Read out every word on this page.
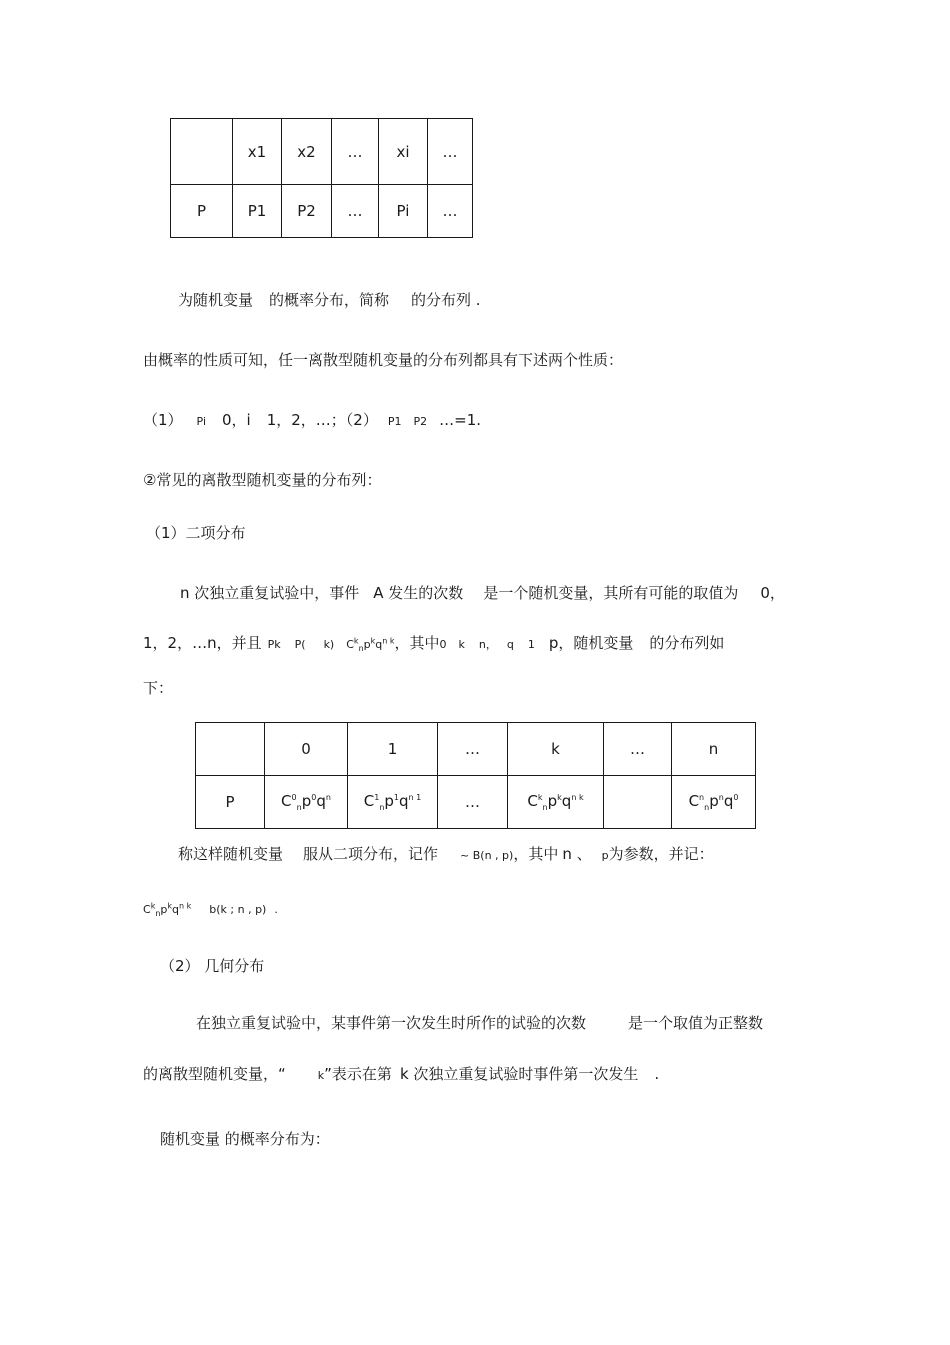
	x1	x2	…	xi	…
P	P1	P2	…	Pi	…
为随机变量 的概率分布，简称 的分布列 .
由概率的性质可知，任一离散型随机变量的分布列都具有下述两个性质：
（1） Pi 0，i 1，2，…；（2） P1 P2 …=1.
②常见的离散型随机变量的分布列：
（1）二项分布
n 次独立重复试验中，事件 A 发生的次数 是一个随机变量，其所有可能的取值为 0，
1，2，…n，并且 Pk P( k) $C^k_np^kq^{n k}$，其中0 k n， q 1 p，随机变量 的分布列如
下：
	0	1	…	k	…	n
P	$C^0_np^0q^n$	$C^1_np^1q^{n 1}$	…	$C^k_np^kq^{n k}$		$C^n_np^nq^0$
称这样随机变量 服从二项分布，记作 ~ B(n , p)，其中 n 、 p为参数，并记：
$C^k_np^kq^{n k}$ b(k ; n , p) .
（2） 几何分布
在独立重复试验中，某事件第一次发生时所作的试验的次数	是一个取值为正整数
的离散型随机变量，“	k”表示在第 k 次独立重复试验时事件第一次发生 .
随机变量 的概率分布为：
